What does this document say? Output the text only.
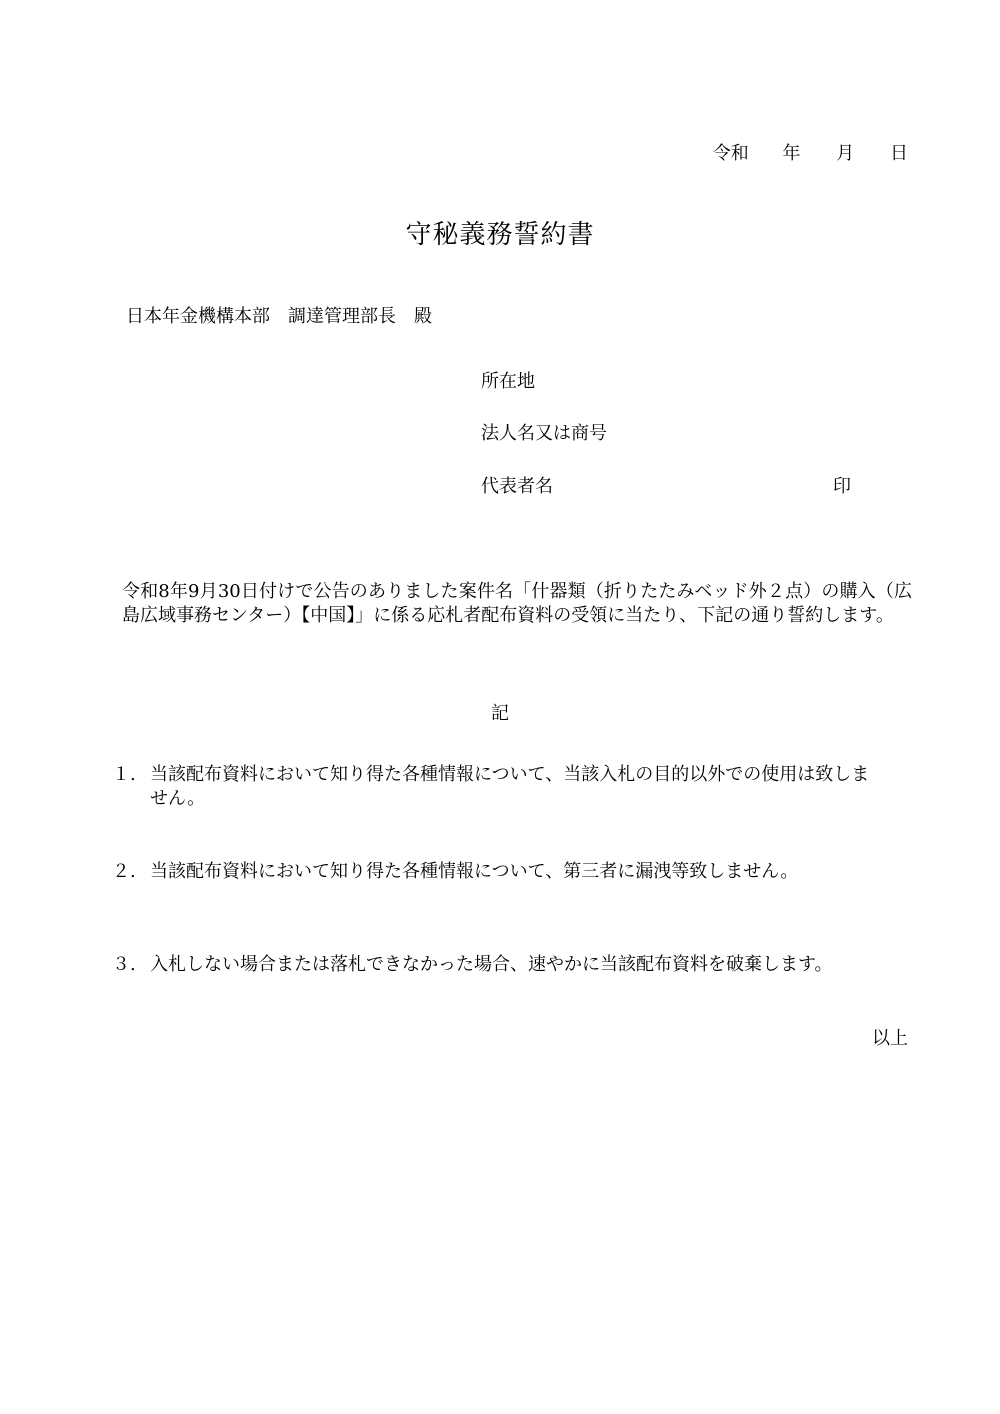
令和 年 月 日
守秘義務誓約書
日本年金機構本部 調達管理部長 殿
所在地
法人名又は商号
代表者名	印
令和8年9月30日付けで公告のありました案件名「什器類（折りたたみベッド外２点）の購入（広島広域事務センター）【中国】」に係る応札者配布資料の受領に当たり、下記の通り誓約します。
記
１. 当該配布資料において知り得た各種情報について、当該入札の目的以外での使用は致しません。
２. 当該配布資料において知り得た各種情報について、第三者に漏洩等致しません。
３. 入札しない場合または落札できなかった場合、速やかに当該配布資料を破棄します。
以上
